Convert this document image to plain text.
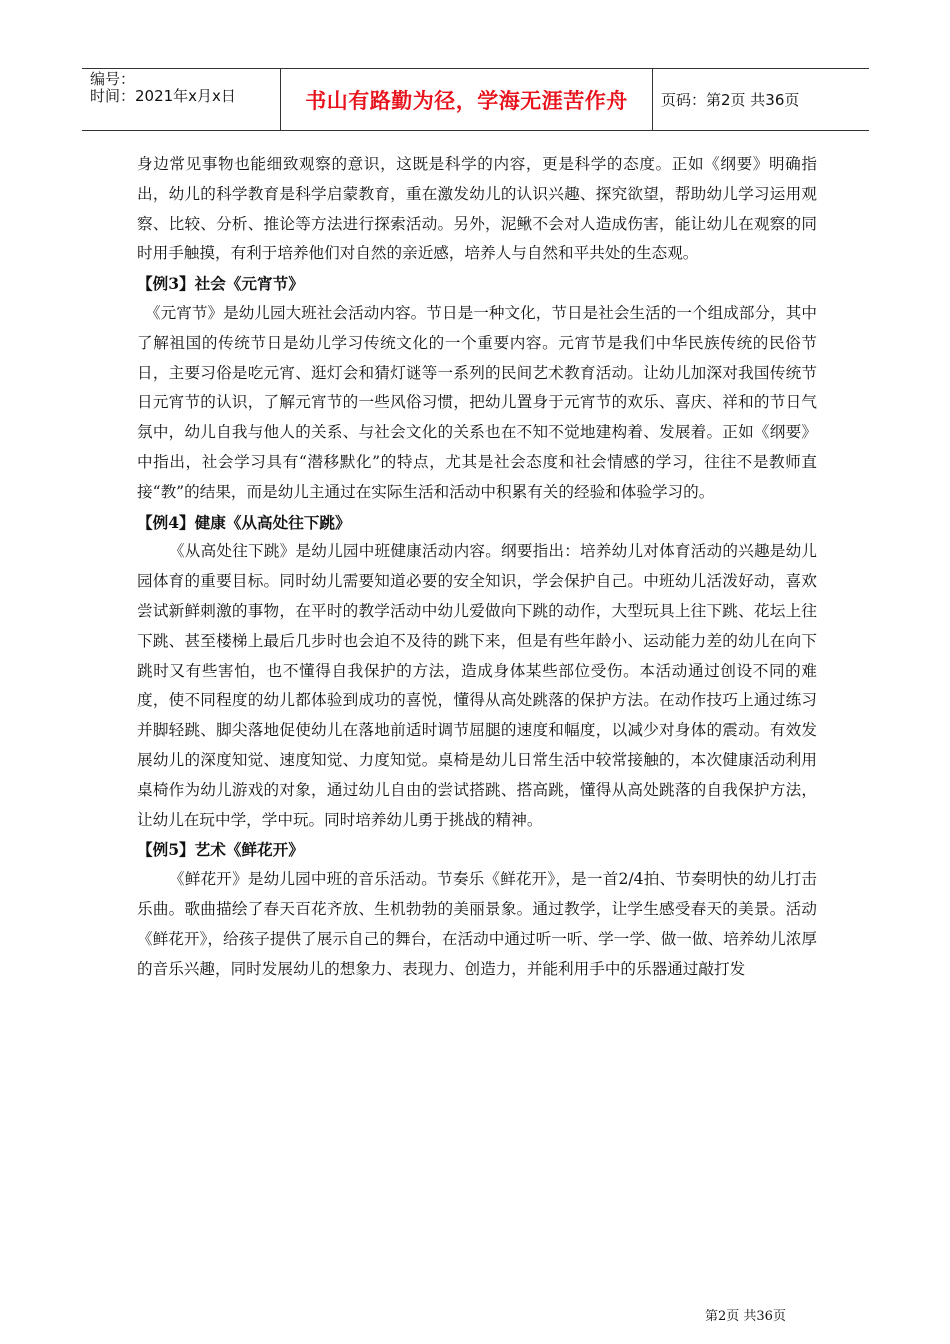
编号：
时间：2021年x月x日	书山有路勤为径，学海无涯苦作舟	页码：第2页 共36页

身边常见事物也能细致观察的意识，这既是科学的内容，更是科学的态度。正如《纲要》明确指出，幼儿的科学教育是科学启蒙教育，重在激发幼儿的认识兴趣、探究欲望，帮助幼儿学习运用观察、比较、分析、推论等方法进行探索活动。另外，泥鳅不会对人造成伤害，能让幼儿在观察的同时用手触摸，有利于培养他们对自然的亲近感，培养人与自然和平共处的生态观。

【例3】社会《元宵节》

《元宵节》是幼儿园大班社会活动内容。节日是一种文化，节日是社会生活的一个组成部分，其中了解祖国的传统节日是幼儿学习传统文化的一个重要内容。元宵节是我们中华民族传统的民俗节日，主要习俗是吃元宵、逛灯会和猜灯谜等一系列的民间艺术教育活动。让幼儿加深对我国传统节日元宵节的认识，了解元宵节的一些风俗习惯，把幼儿置身于元宵节的欢乐、喜庆、祥和的节日气氛中，幼儿自我与他人的关系、与社会文化的关系也在不知不觉地建构着、发展着。正如《纲要》中指出，社会学习具有“潜移默化”的特点，尤其是社会态度和社会情感的学习，往往不是教师直接“教”的结果，而是幼儿主通过在实际生活和活动中积累有关的经验和体验学习的。

【例4】健康《从高处往下跳》

《从高处往下跳》是幼儿园中班健康活动内容。纲要指出：培养幼儿对体育活动的兴趣是幼儿园体育的重要目标。同时幼儿需要知道必要的安全知识，学会保护自己。中班幼儿活泼好动，喜欢尝试新鲜刺激的事物，在平时的教学活动中幼儿爱做向下跳的动作，大型玩具上往下跳、花坛上往下跳、甚至楼梯上最后几步时也会迫不及待的跳下来，但是有些年龄小、运动能力差的幼儿在向下跳时又有些害怕，也不懂得自我保护的方法，造成身体某些部位受伤。本活动通过创设不同的难度，使不同程度的幼儿都体验到成功的喜悦，懂得从高处跳落的保护方法。在动作技巧上通过练习并脚轻跳、脚尖落地促使幼儿在落地前适时调节屈腿的速度和幅度，以减少对身体的震动。有效发展幼儿的深度知觉、速度知觉、力度知觉。桌椅是幼儿日常生活中较常接触的，本次健康活动利用桌椅作为幼儿游戏的对象，通过幼儿自由的尝试搭跳、搭高跳，懂得从高处跳落的自我保护方法，让幼儿在玩中学，学中玩。同时培养幼儿勇于挑战的精神。

【例5】艺术《鲜花开》

《鲜花开》是幼儿园中班的音乐活动。节奏乐《鲜花开》，是一首2/4拍、节奏明快的幼儿打击乐曲。歌曲描绘了春天百花齐放、生机勃勃的美丽景象。通过教学，让学生感受春天的美景。活动《鲜花开》，给孩子提供了展示自己的舞台，在活动中通过听一听、学一学、做一做、培养幼儿浓厚的音乐兴趣，同时发展幼儿的想象力、表现力、创造力，并能利用手中的乐器通过敲打发

第2页 共36页
